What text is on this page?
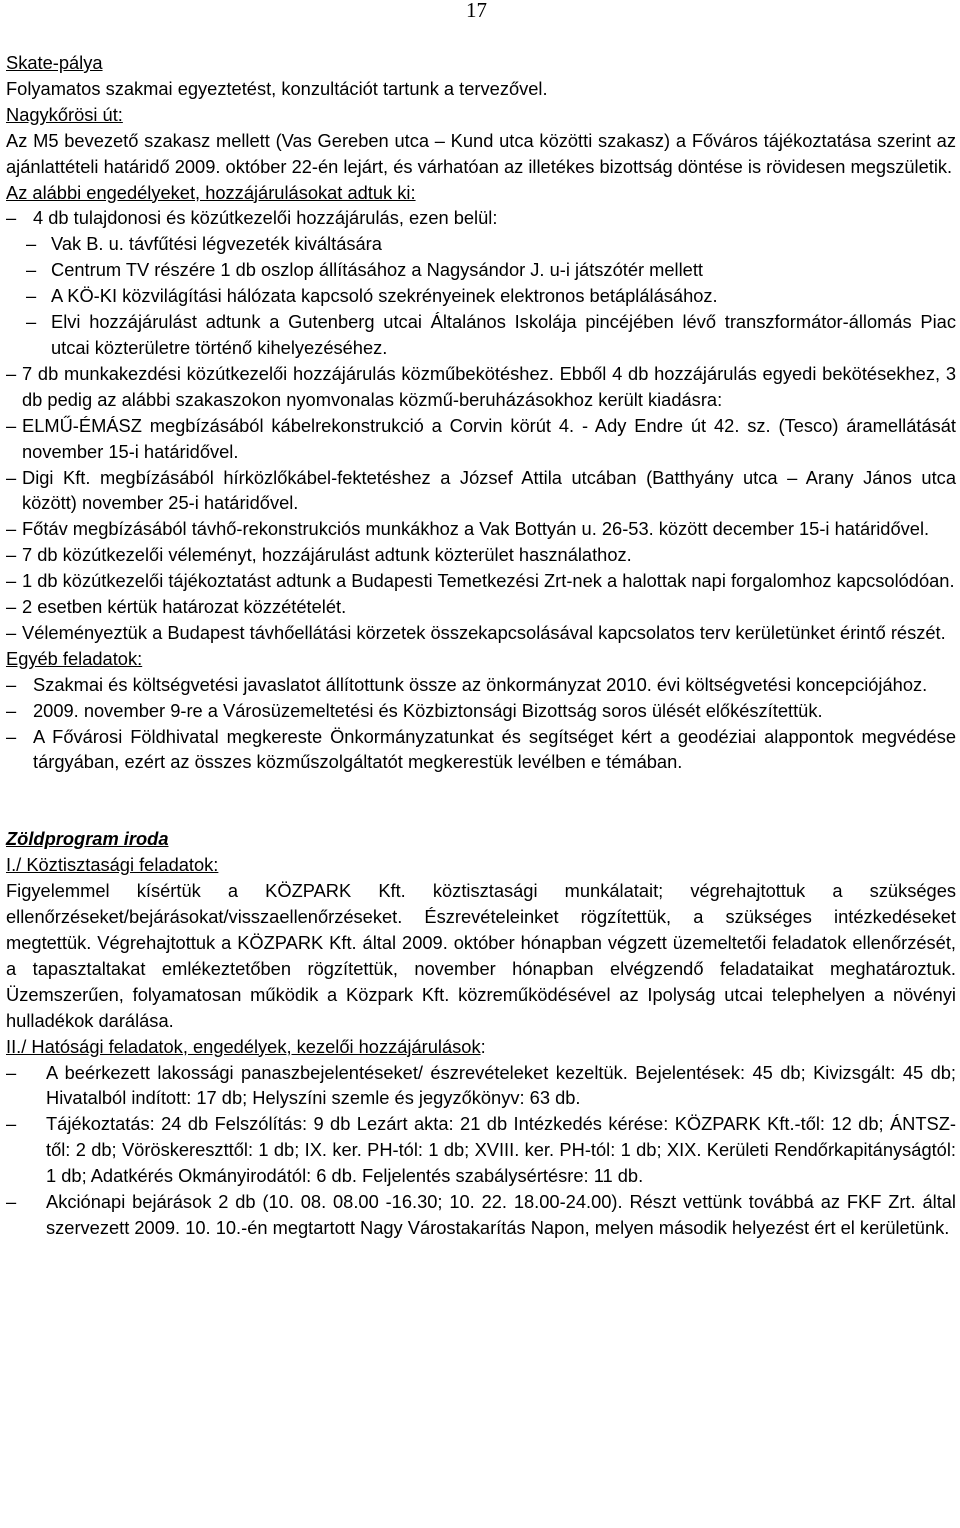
17
Skate-pálya
Folyamatos szakmai egyeztetést, konzultációt tartunk a tervezővel.
Nagykőrösi út:
Az M5 bevezető szakasz mellett (Vas Gereben utca – Kund utca közötti szakasz) a Főváros tájékoztatása szerint az ajánlattételi határidő 2009. október 22-én lejárt, és várhatóan az illetékes bizottság döntése is rövidesen megszületik.
Az alábbi engedélyeket, hozzájárulásokat adtuk ki:
– 4 db tulajdonosi és közútkezelői hozzájárulás, ezen belül:
– Vak B. u. távfűtési légvezeték kiváltására
– Centrum TV részére 1 db oszlop állításához a Nagysándor J. u-i játszótér mellett
– A KÖ-KI közvilágítási hálózata kapcsoló szekrényeinek elektronos betáplálásához.
– Elvi hozzájárulást adtunk a Gutenberg utcai Általános Iskolája pincéjében lévő transzformátor-állomás Piac utcai közterületre történő kihelyezéséhez.
– 7 db munkakezdési közútkezelői hozzájárulás közműbekötéshez. Ebből 4 db hozzájárulás egyedi bekötésekhez, 3 db pedig az alábbi szakaszokon nyomvonalas közmű-beruházásokhoz került kiadásra:
– ELMŰ-ÉMÁSZ megbízásából kábelrekonstrukció a Corvin körút 4. - Ady Endre út 42. sz. (Tesco) áramellátását november 15-i határidővel.
– Digi Kft. megbízásából hírközlőkábel-fektetéshez a József Attila utcában (Batthyány utca – Arany János utca között) november 25-i határidővel.
– Főtáv megbízásából távhő-rekonstrukciós munkákhoz a Vak Bottyán u. 26-53. között december 15-i határidővel.
– 7 db közútkezelői véleményt, hozzájárulást adtunk közterület használathoz.
– 1 db közútkezelői tájékoztatást adtunk a Budapesti Temetkezési Zrt-nek a halottak napi forgalomhoz kapcsolódóan.
– 2 esetben kértük határozat közzétételét.
– Véleményeztük a Budapest távhőellátási körzetek összekapcsolásával kapcsolatos terv kerületünket érintő részét.
Egyéb feladatok:
– Szakmai és költségvetési javaslatot állítottunk össze az önkormányzat 2010. évi költségvetési koncepciójához.
– 2009. november 9-re a Városüzemeltetési és Közbiztonsági Bizottság soros ülését előkészítettük.
– A Fővárosi Földhivatal megkereste Önkormányzatunkat és segítséget kért a geodéziai alappontok megvédése tárgyában, ezért az összes közműszolgáltatót megkerestük levélben e témában.
Zöldprogram iroda
I./ Köztisztasági feladatok:
Figyelemmel kísértük a KÖZPARK Kft. köztisztasági munkálatait; végrehajtottuk a szükséges ellenőrzéseket/bejárásokat/visszaellenőrzéseket. Észrevételeinket rögzítettük, a szükséges intézkedéseket megtettük. Végrehajtottuk a KÖZPARK Kft. által 2009. október hónapban végzett üzemeltetői feladatok ellenőrzését, a tapasztaltakat emlékeztetőben rögzítettük, november hónapban elvégzendő feladataikat meghatároztuk. Üzemszerűen, folyamatosan működik a Közpark Kft. közreműködésével az Ipolyság utcai telephelyen a növényi hulladékok darálása.
II./ Hatósági feladatok, engedélyek, kezelői hozzájárulások:
– A beérkezett lakossági panaszbejelentéseket/ észrevételeket kezeltük. Bejelentések: 45 db; Kivizsgált: 45 db; Hivatalból indított: 17 db; Helyszíni szemle és jegyzőkönyv: 63 db.
– Tájékoztatás: 24 db Felszólítás: 9 db Lezárt akta: 21 db Intézkedés kérése: KÖZPARK Kft.-től: 12 db; ÁNTSZ-től: 2 db; Vöröskereszttől: 1 db; IX. ker. PH-tól: 1 db; XVIII. ker. PH-tól: 1 db; XIX. Kerületi Rendőrkapitányságtól: 1 db; Adatkérés Okmányirodától: 6 db. Feljelentés szabálysértésre: 11 db.
– Akciónapi bejárások 2 db (10. 08. 08.00 -16.30; 10. 22. 18.00-24.00). Részt vettünk továbbá az FKF Zrt. által szervezett 2009. 10. 10.-én megtartott Nagy Várostakarítás Napon, melyen második helyezést ért el kerületünk.
